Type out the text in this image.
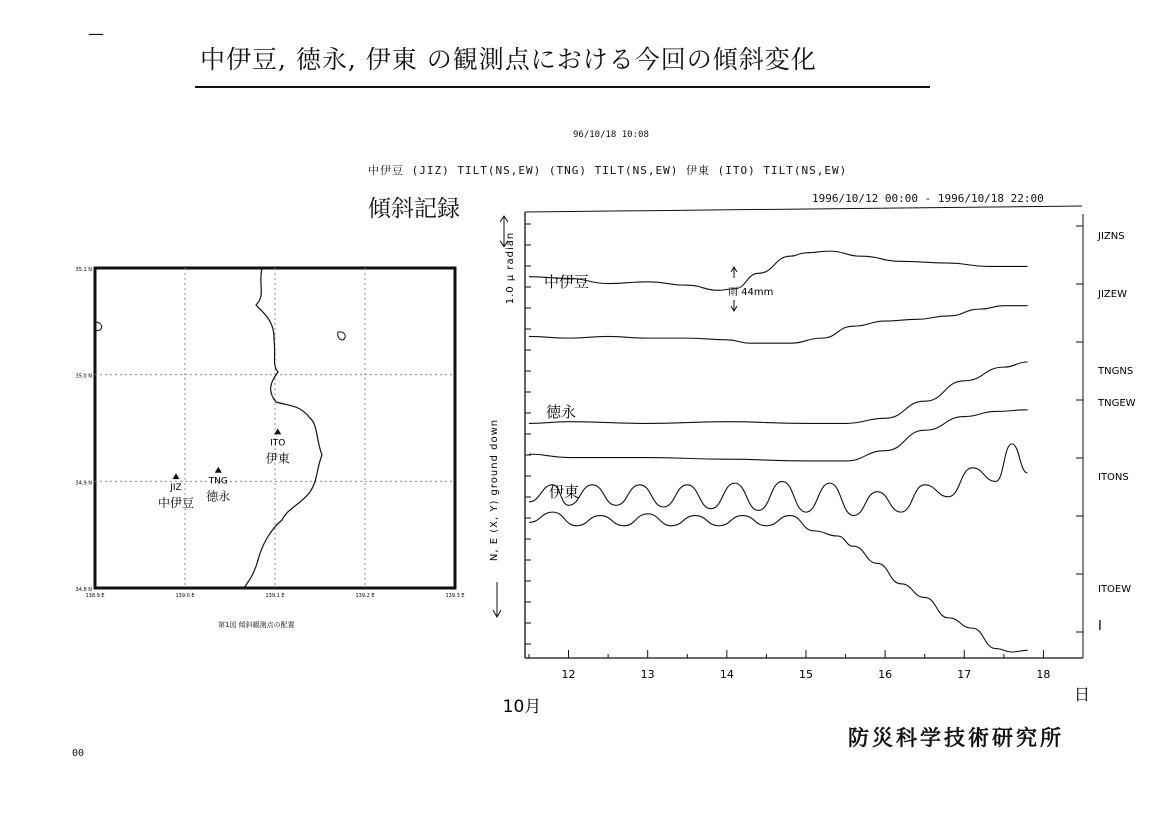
—
中伊豆, 徳永, 伊東 の観測点における今回の傾斜変化
96/10/18 10:08
中伊豆 (JIZ) TILT(NS,EW) (TNG) TILT(NS,EW) 伊東 (ITO) TILT(NS,EW)
1996/10/12 00:00 - 1996/10/18 22:00
傾斜記録
防災科学技術研究所
00
第1図 傾斜観測点の配置
35.1 N
35.0 N
34.9 N
34.8 N
138.9 E	139.0 E	139.1 E	139.2 E	139.3 E
JIZ
中伊豆
TNG
徳永
ITO
伊東
12	13	14	15	16	17	18
10月
日
N, E (X, Y) ground down
1.0 μ radian	JIZNS
JIZEW
TNGNS
TNGEW
ITONS
ITOEW
I
中伊豆
徳永
伊東
雨 44mm
